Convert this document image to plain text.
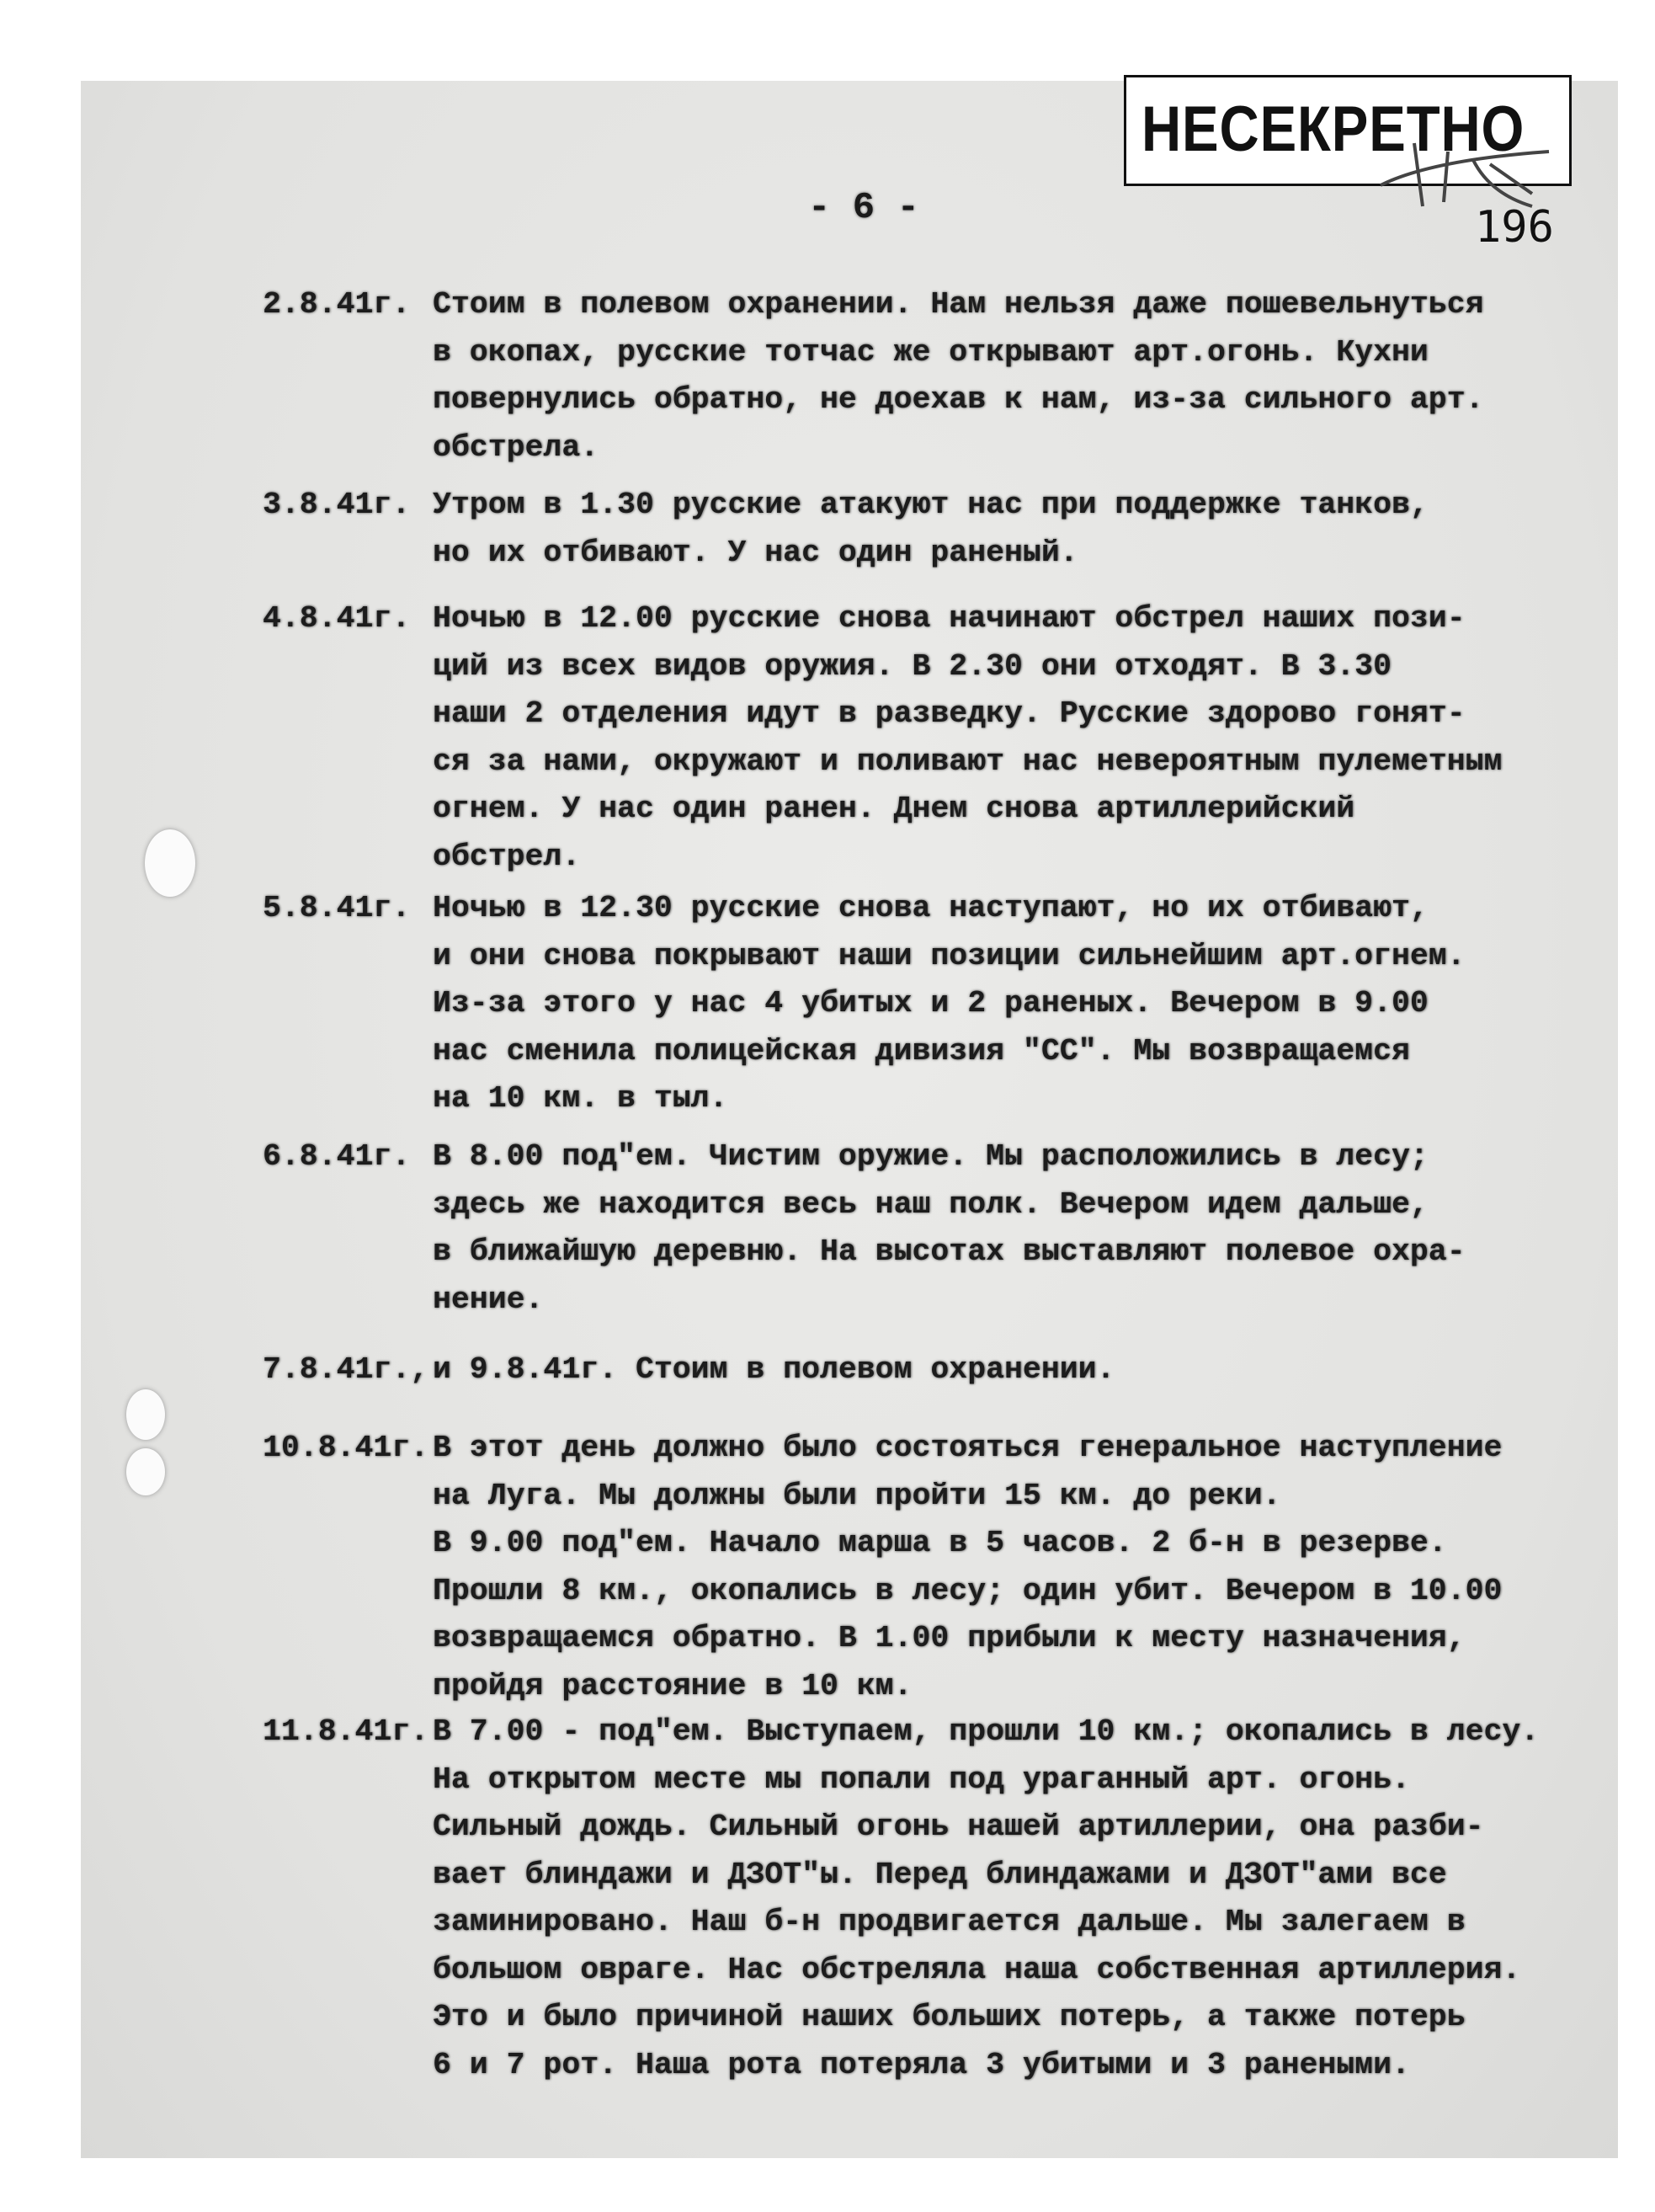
НЕСЕКРЕТНО
196
- 6 -
2.8.41г. Стоим в полевом охранении. Нам нельзя даже пошевельнуться
в окопах, русские тотчас же открывают арт.огонь. Кухни
повернулись обратно, не доехав к нам, из-за сильного арт.
обстрела.
3.8.41г. Утром в 1.30 русские атакуют нас при поддержке танков,
но их отбивают. У нас один раненый.
4.8.41г. Ночью в 12.00 русские снова начинают обстрел наших пози-
ций из всех видов оружия. В 2.30 они отходят. В 3.30
наши 2 отделения идут в разведку. Русские здорово гонят-
ся за нами, окружают и поливают нас невероятным пулеметным
огнем. У нас один ранен. Днем снова артиллерийский
обстрел.
5.8.41г. Ночью в 12.30 русские снова наступают, но их отбивают,
и они снова покрывают наши позиции сильнейшим арт.огнем.
Из-за этого у нас 4 убитых и 2 раненых. Вечером в 9.00
нас сменила полицейская дивизия "СС". Мы возвращаемся
на 10 км. в тыл.
6.8.41г. В 8.00 под"ем. Чистим оружие. Мы расположились в лесу;
здесь же находится весь наш полк. Вечером идем дальше,
в ближайшую деревню. На высотах выставляют полевое охра-
нение.
7.8.41г., и 9.8.41г. Стоим в полевом охранении.
10.8.41г. В этот день должно было состояться генеральное наступление
на Луга. Мы должны были пройти 15 км. до реки.
В 9.00 под"ем. Начало марша в 5 часов. 2 б-н в резерве.
Прошли 8 км., окопались в лесу; один убит. Вечером в 10.00
возвращаемся обратно. В 1.00 прибыли к месту назначения,
пройдя расстояние в 10 км.
11.8.41г. В 7.00 - под"ем. Выступаем, прошли 10 км.; окопались в лесу.
На открытом месте мы попали под ураганный арт. огонь.
Сильный дождь. Сильный огонь нашей артиллерии, она разби-
вает блиндажи и ДЗОТ"ы. Перед блиндажами и ДЗОТ"ами все
заминировано. Наш б-н продвигается дальше. Мы залегаем в
большом овраге. Нас обстреляла наша собственная артиллерия.
Это и было причиной наших больших потерь, а также потерь
6 и 7 рот. Наша рота потеряла 3 убитыми и 3 ранеными.
